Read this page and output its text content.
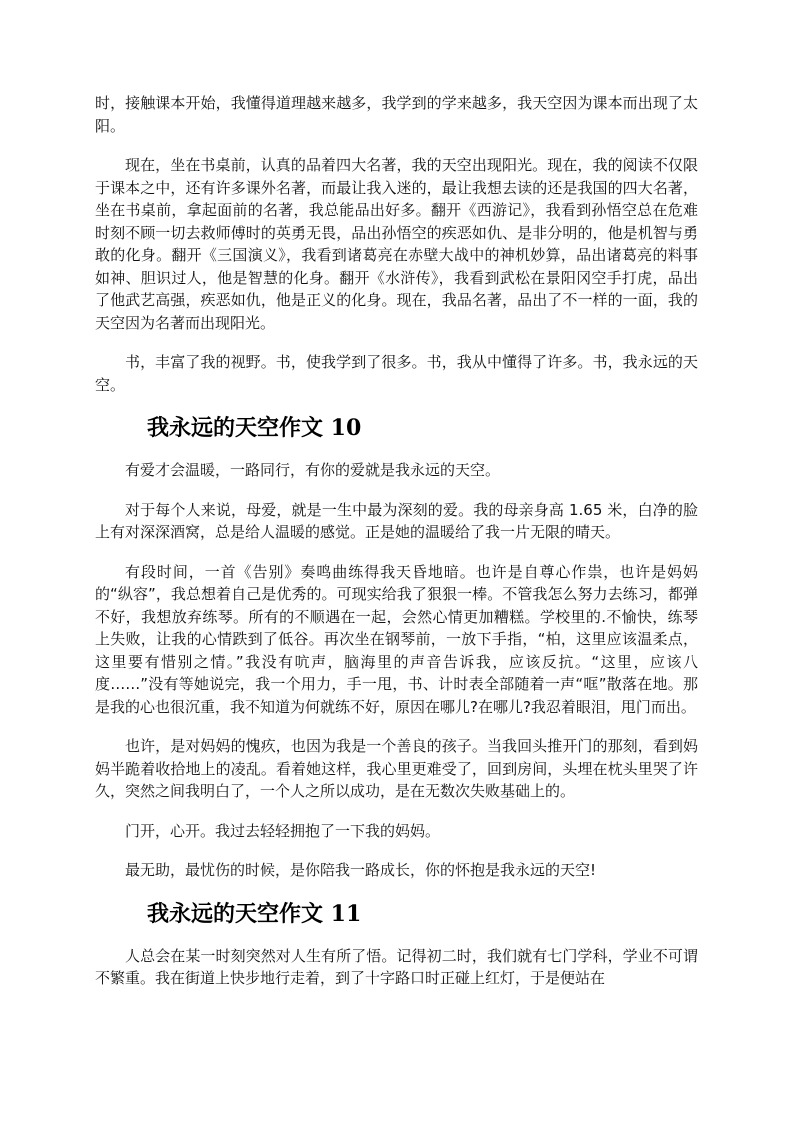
时，接触课本开始，我懂得道理越来越多，我学到的学来越多，我天空因为课本而出现了太阳。

现在，坐在书桌前，认真的品着四大名著，我的天空出现阳光。现在，我的阅读不仅限于课本之中，还有许多课外名著，而最让我入迷的，最让我想去读的还是我国的四大名著，坐在书桌前，拿起面前的名著，我总能品出好多。翻开《西游记》，我看到孙悟空总在危难时刻不顾一切去救师傅时的英勇无畏，品出孙悟空的疾恶如仇、是非分明的，他是机智与勇敢的化身。翻开《三国演义》，我看到诸葛亮在赤壁大战中的神机妙算，品出诸葛亮的料事如神、胆识过人，他是智慧的化身。翻开《水浒传》，我看到武松在景阳冈空手打虎，品出了他武艺高强，疾恶如仇，他是正义的化身。现在，我品名著，品出了不一样的一面，我的天空因为名著而出现阳光。

书，丰富了我的视野。书，使我学到了很多。书，我从中懂得了许多。书，我永远的天空。

我永远的天空作文 10

有爱才会温暖，一路同行，有你的爱就是我永远的天空。

对于每个人来说，母爱，就是一生中最为深刻的爱。我的母亲身高 1.65 米，白净的脸上有对深深酒窝，总是给人温暖的感觉。正是她的温暖给了我一片无限的晴天。

有段时间，一首《告别》奏鸣曲练得我天昏地暗。也许是自尊心作祟，也许是妈妈的“纵容”，我总想着自己是优秀的。可现实给我了狠狠一棒。不管我怎么努力去练习，都弹不好，我想放弃练琴。所有的不顺遇在一起，会然心情更加糟糕。学校里的.不愉快，练琴上失败，让我的心情跌到了低谷。再次坐在钢琴前，一放下手指，“柏，这里应该温柔点，这里要有惜别之情。”我没有吭声，脑海里的声音告诉我，应该反抗。“这里，应该八度……”没有等她说完，我一个用力，手一甩，书、计时表全部随着一声“哐”散落在地。那是我的心也很沉重，我不知道为何就练不好，原因在哪儿?在哪儿?我忍着眼泪，甩门而出。

也许，是对妈妈的愧疚，也因为我是一个善良的孩子。当我回头推开门的那刻，看到妈妈半跪着收拾地上的凌乱。看着她这样，我心里更难受了，回到房间，头埋在枕头里哭了许久，突然之间我明白了，一个人之所以成功，是在无数次失败基础上的。

门开，心开。我过去轻轻拥抱了一下我的妈妈。

最无助，最忧伤的时候，是你陪我一路成长，你的怀抱是我永远的天空!

我永远的天空作文 11

人总会在某一时刻突然对人生有所了悟。记得初二时，我们就有七门学科，学业不可谓不繁重。我在街道上快步地行走着，到了十字路口时正碰上红灯，于是便站在
